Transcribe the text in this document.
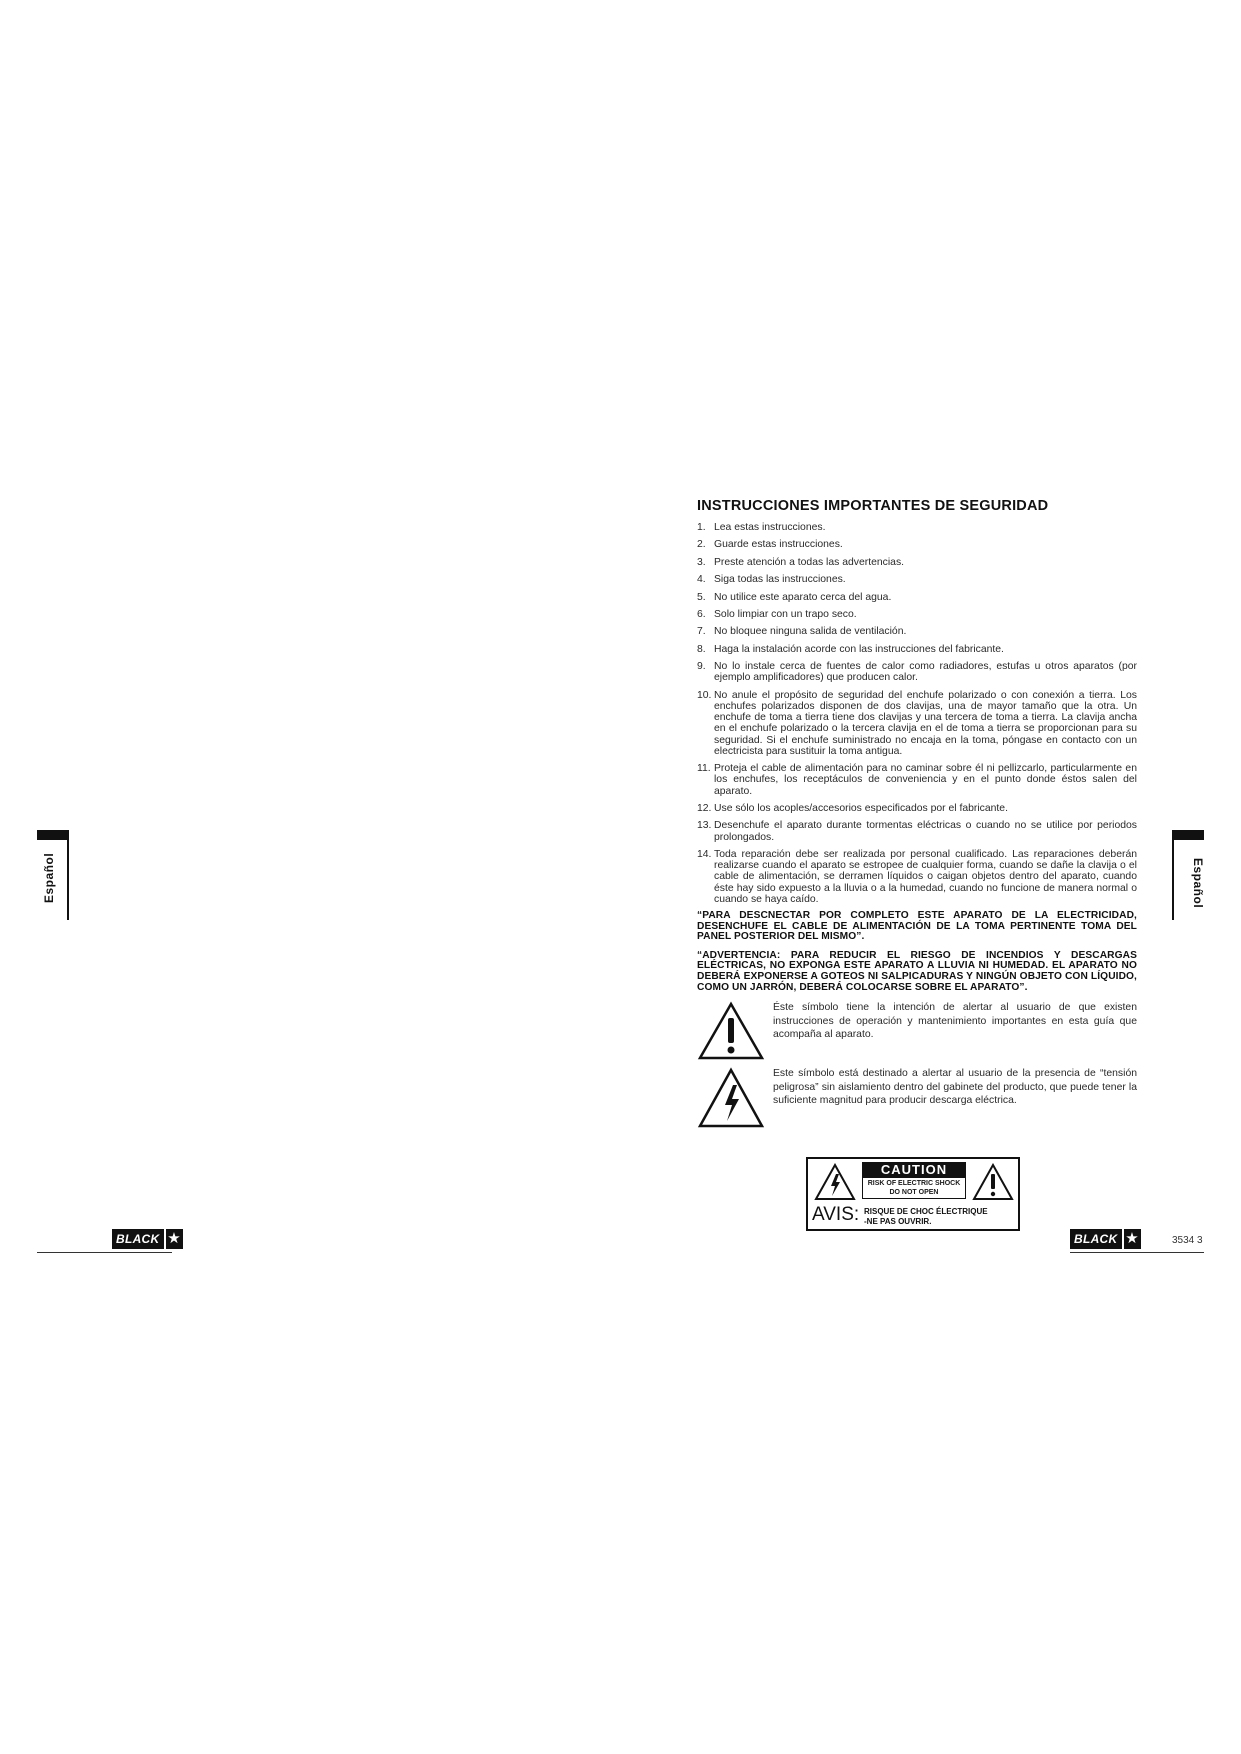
Español	Español
BLACK ★	BLACK ★	3534 3
INSTRUCCIONES IMPORTANTES DE SEGURIDAD
1. Lea estas instrucciones.
2. Guarde estas instrucciones.
3. Preste atención a todas las advertencias.
4. Siga todas las instrucciones.
5. No utilice este aparato cerca del agua.
6. Solo limpiar con un trapo seco.
7. No bloquee ninguna salida de ventilación.
8. Haga la instalación acorde con las instrucciones del fabricante.
9. No lo instale cerca de fuentes de calor como radiadores, estufas u otros aparatos (por ejemplo amplificadores) que producen calor.
10. No anule el propósito de seguridad del enchufe polarizado o con conexión a tierra. Los enchufes polarizados disponen de dos clavijas, una de mayor tamaño que la otra. Un enchufe de toma a tierra tiene dos clavijas y una tercera de toma a tierra. La clavija ancha en el enchufe polarizado o la tercera clavija en el de toma a tierra se proporcionan para su seguridad. Si el enchufe suministrado no encaja en la toma, póngase en contacto con un electricista para sustituir la toma antigua.
11. Proteja el cable de alimentación para no caminar sobre él ni pellizcarlo, particularmente en los enchufes, los receptáculos de conveniencia y en el punto donde éstos salen del aparato.
12. Use sólo los acoples/accesorios especificados por el fabricante.
13. Desenchufe el aparato durante tormentas eléctricas o cuando no se utilice por periodos prolongados.
14. Toda reparación debe ser realizada por personal cualificado. Las reparaciones deberán realizarse cuando el aparato se estropee de cualquier forma, cuando se dañe la clavija o el cable de alimentación, se derramen líquidos o caigan objetos dentro del aparato, cuando éste hay sido expuesto a la lluvia o a la humedad, cuando no funcione de manera normal o cuando se haya caído.
“PARA DESCNECTAR POR COMPLETO ESTE APARATO DE LA ELECTRICIDAD, DESENCHUFE EL CABLE DE ALIMENTACIÓN DE LA TOMA PERTINENTE TOMA DEL PANEL POSTERIOR DEL MISMO”.
“ADVERTENCIA: PARA REDUCIR EL RIESGO DE INCENDIOS Y DESCARGAS ELÉCTRICAS, NO EXPONGA ESTE APARATO A LLUVIA NI HUMEDAD. EL APARATO NO DEBERÁ EXPONERSE A GOTEOS NI SALPICADURAS Y NINGÚN OBJETO CON LÍQUIDO, COMO UN JARRÓN, DEBERÁ COLOCARSE SOBRE EL APARATO”.
Éste símbolo tiene la intención de alertar al usuario de que existen instrucciones de operación y mantenimiento importantes en esta guía que acompaña al aparato.
Este símbolo está destinado a alertar al usuario de la presencia de “tensión peligrosa” sin aislamiento dentro del gabinete del producto, que puede tener la suficiente magnitud para producir descarga eléctrica.
CAUTION
RISK OF ELECTRIC SHOCK
DO NOT OPEN
AVIS: RISQUE DE CHOC ÉLECTRIQUE
-NE PAS OUVRIR.
